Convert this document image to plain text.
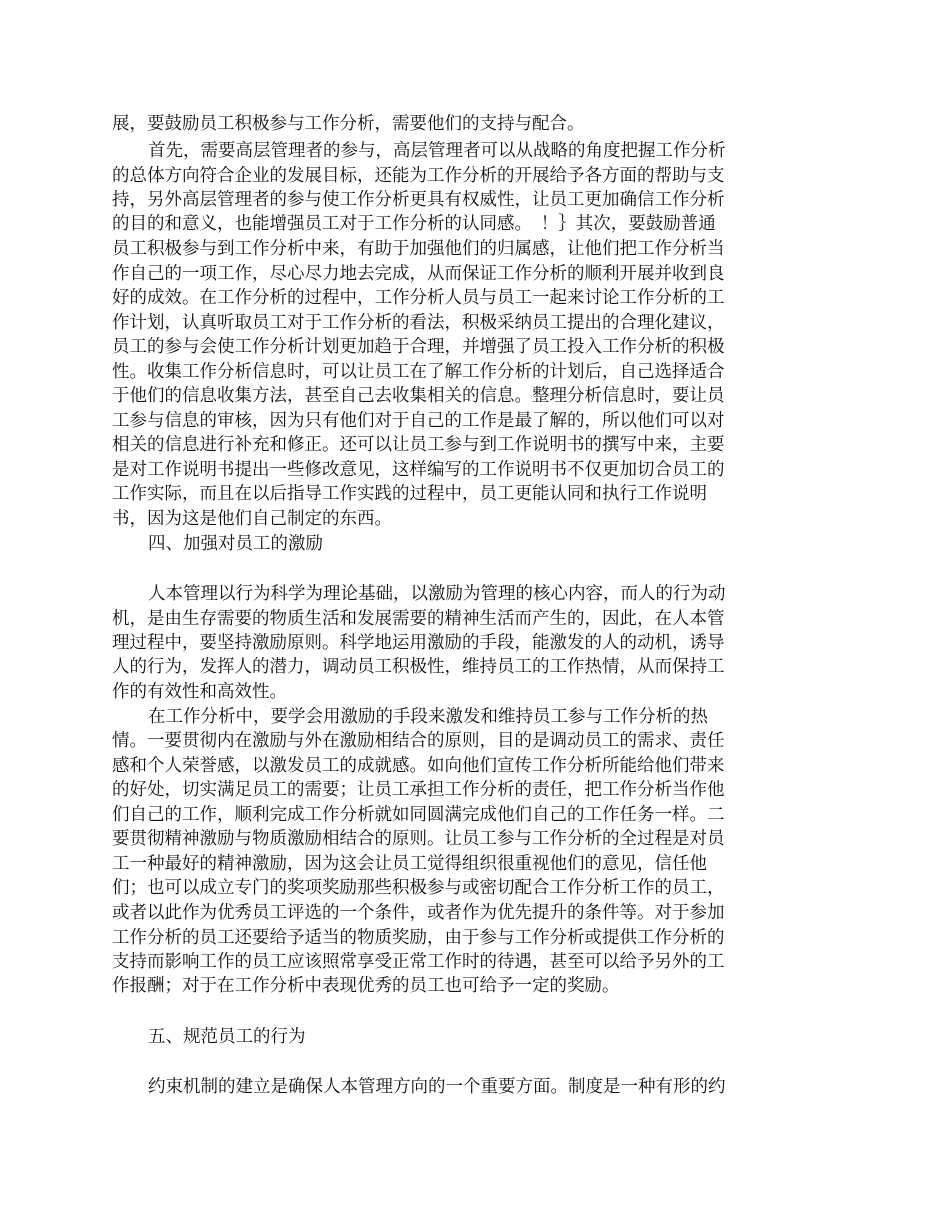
展，要鼓励员工积极参与工作分析，需要他们的支持与配合。
首先，需要高层管理者的参与，高层管理者可以从战略的角度把握工作分析
的总体方向符合企业的发展目标，还能为工作分析的开展给予各方面的帮助与支
持，另外高层管理者的参与使工作分析更具有权威性，让员工更加确信工作分析
的目的和意义，也能增强员工对于工作分析的认同感。　！｝其次，要鼓励普通
员工积极参与到工作分析中来，有助于加强他们的归属感，让他们把工作分析当
作自己的一项工作，尽心尽力地去完成，从而保证工作分析的顺利开展并收到良
好的成效。在工作分析的过程中，工作分析人员与员工一起来讨论工作分析的工
作计划，认真听取员工对于工作分析的看法，积极采纳员工提出的合理化建议，
员工的参与会使工作分析计划更加趋于合理，并增强了员工投入工作分析的积极
性。收集工作分析信息时，可以让员工在了解工作分析的计划后，自己选择适合
于他们的信息收集方法，甚至自己去收集相关的信息。整理分析信息时，要让员
工参与信息的审核，因为只有他们对于自己的工作是最了解的，所以他们可以对
相关的信息进行补充和修正。还可以让员工参与到工作说明书的撰写中来，主要
是对工作说明书提出一些修改意见，这样编写的工作说明书不仅更加切合员工的
工作实际，而且在以后指导工作实践的过程中，员工更能认同和执行工作说明
书，因为这是他们自己制定的东西。
四、加强对员工的激励
人本管理以行为科学为理论基础，以激励为管理的核心内容，而人的行为动
机，是由生存需要的物质生活和发展需要的精神生活而产生的，因此，在人本管
理过程中，要坚持激励原则。科学地运用激励的手段，能激发的人的动机，诱导
人的行为，发挥人的潜力，调动员工积极性，维持员工的工作热情，从而保持工
作的有效性和高效性。
在工作分析中，要学会用激励的手段来激发和维持员工参与工作分析的热
情。一要贯彻内在激励与外在激励相结合的原则，目的是调动员工的需求、责任
感和个人荣誉感，以激发员工的成就感。如向他们宣传工作分析所能给他们带来
的好处，切实满足员工的需要；让员工承担工作分析的责任，把工作分析当作他
们自己的工作，顺利完成工作分析就如同圆满完成他们自己的工作任务一样。二
要贯彻精神激励与物质激励相结合的原则。让员工参与工作分析的全过程是对员
工一种最好的精神激励，因为这会让员工觉得组织很重视他们的意见，信任他
们；也可以成立专门的奖项奖励那些积极参与或密切配合工作分析工作的员工，
或者以此作为优秀员工评选的一个条件，或者作为优先提升的条件等。对于参加
工作分析的员工还要给予适当的物质奖励，由于参与工作分析或提供工作分析的
支持而影响工作的员工应该照常享受正常工作时的待遇，甚至可以给予另外的工
作报酬；对于在工作分析中表现优秀的员工也可给予一定的奖励。
五、规范员工的行为
约束机制的建立是确保人本管理方向的一个重要方面。制度是一种有形的约
